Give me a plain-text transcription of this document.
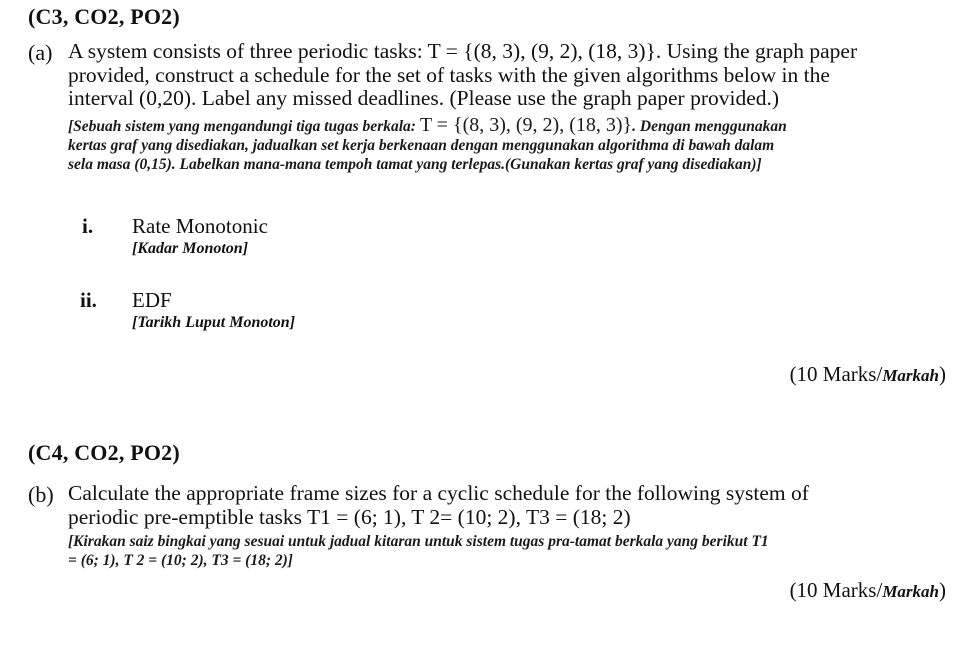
(C3, CO2, PO2)
(a) A system consists of three periodic tasks: T = {(8, 3), (9, 2), (18, 3)}. Using the graph paper
provided, construct a schedule for the set of tasks with the given algorithms below in the
interval (0,20). Label any missed deadlines. (Please use the graph paper provided.)
[Sebuah sistem yang mengandungi tiga tugas berkala: T = {(8, 3), (9, 2), (18, 3)}. Dengan menggunakan
kertas graf yang disediakan, jadualkan set kerja berkenaan dengan menggunakan algorithma di bawah dalam
sela masa (0,15). Labelkan mana-mana tempoh tamat yang terlepas.(Gunakan kertas graf yang disediakan)]
i. Rate Monotonic
[Kadar Monoton]
ii. EDF
[Tarikh Luput Monoton]
(10 Marks/Markah)
(C4, CO2, PO2)
(b) Calculate the appropriate frame sizes for a cyclic schedule for the following system of
periodic pre-emptible tasks T1 = (6; 1), T 2= (10; 2), T3 = (18; 2)
[Kirakan saiz bingkai yang sesuai untuk jadual kitaran untuk sistem tugas pra-tamat berkala yang berikut T1
= (6; 1), T 2 = (10; 2), T3 = (18; 2)]
(10 Marks/Markah)
